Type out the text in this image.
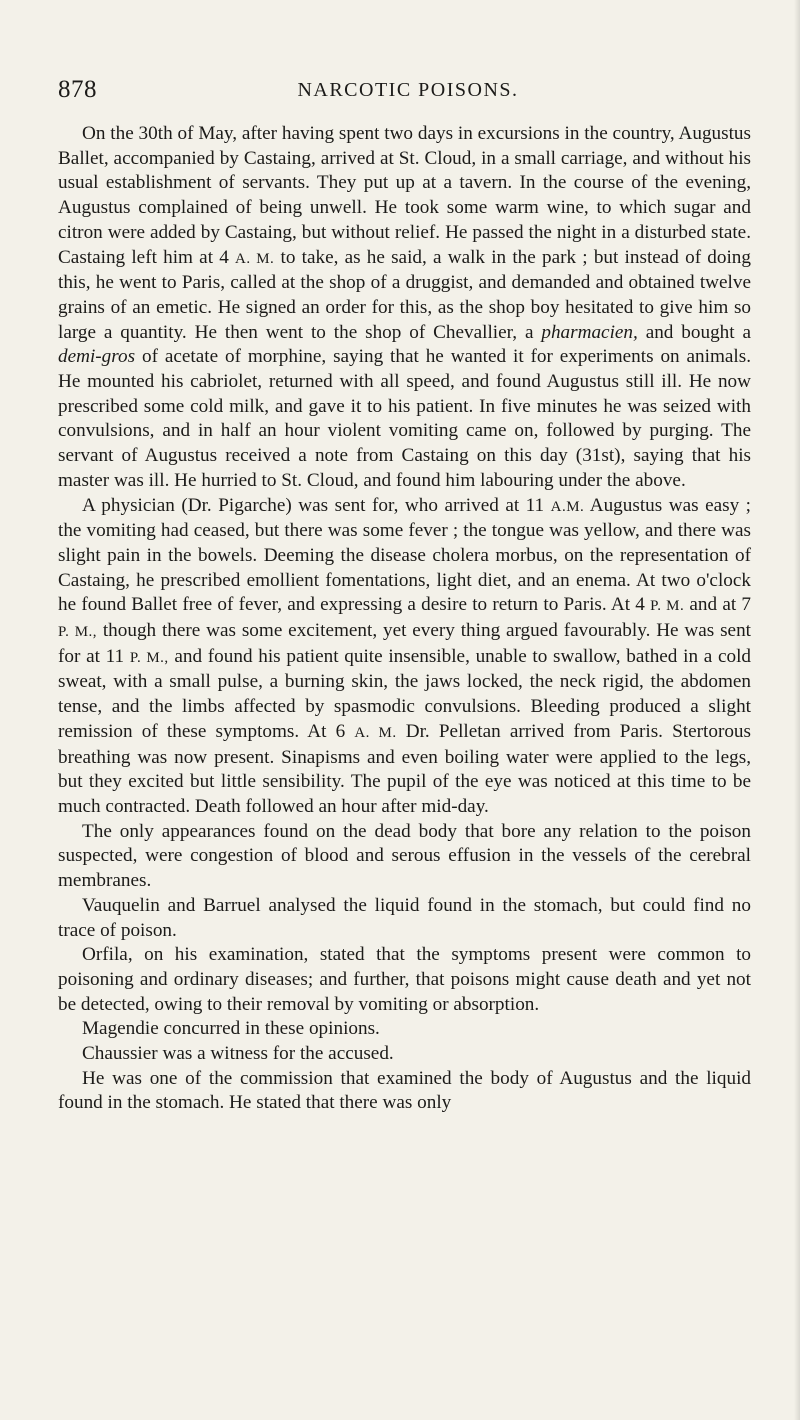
878	NARCOTIC POISONS.

On the 30th of May, after having spent two days in excursions in the country, Augustus Ballet, accompanied by Castaing, arrived at St. Cloud, in a small carriage, and without his usual establishment of servants. They put up at a tavern. In the course of the evening, Augustus complained of being unwell. He took some warm wine, to which sugar and citron were added by Castaing, but without relief. He passed the night in a disturbed state. Castaing left him at 4 A. M. to take, as he said, a walk in the park ; but instead of doing this, he went to Paris, called at the shop of a druggist, and demanded and obtained twelve grains of an emetic. He signed an order for this, as the shop boy hesitated to give him so large a quantity. He then went to the shop of Chevallier, a pharmacien, and bought a demi-gros of acetate of morphine, saying that he wanted it for experiments on animals. He mounted his cabriolet, returned with all speed, and found Augustus still ill. He now prescribed some cold milk, and gave it to his patient. In five minutes he was seized with convulsions, and in half an hour violent vomiting came on, followed by purging. The servant of Augustus received a note from Castaing on this day (31st), saying that his master was ill. He hurried to St. Cloud, and found him labouring under the above.

A physician (Dr. Pigarche) was sent for, who arrived at 11 A.M. Augustus was easy ; the vomiting had ceased, but there was some fever ; the tongue was yellow, and there was slight pain in the bowels. Deeming the disease cholera morbus, on the representation of Castaing, he prescribed emollient fomentations, light diet, and an enema. At two o'clock he found Ballet free of fever, and expressing a desire to return to Paris. At 4 P. M. and at 7 P. M., though there was some excitement, yet every thing argued favourably. He was sent for at 11 P. M., and found his patient quite insensible, unable to swallow, bathed in a cold sweat, with a small pulse, a burning skin, the jaws locked, the neck rigid, the abdomen tense, and the limbs affected by spasmodic convulsions. Bleeding produced a slight remission of these symptoms. At 6 A. M. Dr. Pelletan arrived from Paris. Stertorous breathing was now present. Sinapisms and even boiling water were applied to the legs, but they excited but little sensibility. The pupil of the eye was noticed at this time to be much contracted. Death followed an hour after mid-day.

The only appearances found on the dead body that bore any relation to the poison suspected, were congestion of blood and serous effusion in the vessels of the cerebral membranes.

Vauquelin and Barruel analysed the liquid found in the stomach, but could find no trace of poison.

Orfila, on his examination, stated that the symptoms present were common to poisoning and ordinary diseases; and further, that poisons might cause death and yet not be detected, owing to their removal by vomiting or absorption.

Magendie concurred in these opinions.

Chaussier was a witness for the accused.

He was one of the commission that examined the body of Augustus and the liquid found in the stomach. He stated that there was only
